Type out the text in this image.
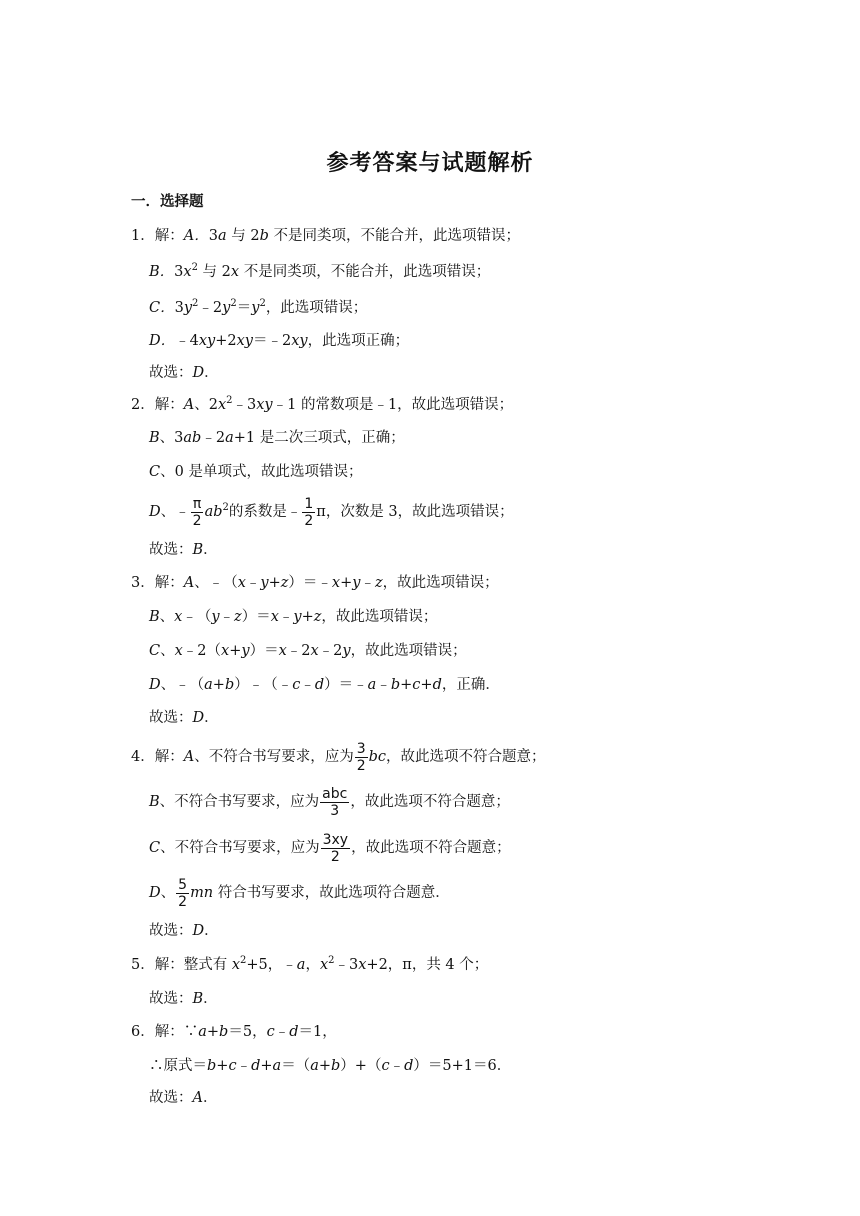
参考答案与试题解析
一．选择题
1．解：A．3a 与 2b 不是同类项，不能合并，此选项错误；
B．$3x^2$ 与 2x 不是同类项，不能合并，此选项错误；
C．$3y^2﹣2y^2=y^2$，此选项错误；
D．﹣4xy+2xy＝﹣2xy，此选项正确；
故选：D．
2．解：A、$2x^2﹣3xy﹣1$ 的常数项是﹣1，故此选项错误；
B、3ab﹣2a+1 是二次三项式，正确；
C、0 是单项式，故此选项错误；
D、﹣ $\frac{\pi}{2} ab^2$的系数是﹣ $\frac{1}{2}$ π，次数是 3，故此选项错误；
故选：B．
3．解：A、﹣（x﹣y+z）＝﹣x+y﹣z，故此选项错误；
B、x﹣（y﹣z）＝x﹣y+z，故此选项错误；
C、x﹣2（x+y）＝x﹣2x﹣2y，故此选项错误；
D、﹣（a+b）﹣（﹣c﹣d）＝﹣a﹣b+c+d，正确．
故选：D．
4．解：A、不符合书写要求，应为 $\frac{3}{2}$ bc，故此选项不符合题意；
B、不符合书写要求，应为 $\frac{\text{abc}}{3}$ ，故此选项不符合题意；
C、不符合书写要求，应为 $\frac{3xy}{2}$ ，故此选项不符合题意；
D、 $\frac{5}{2}$ mn 符合书写要求，故此选项符合题意．
故选：D．
5．解：整式有 $x^2+5$，﹣a，$x^2﹣3x+2$，π，共 4 个；
故选：B．
6．解：∵a+b＝5，c﹣d＝1，
∴原式＝b+c﹣d+a＝（a+b）+（c﹣d）＝5+1＝6．
故选：A．
